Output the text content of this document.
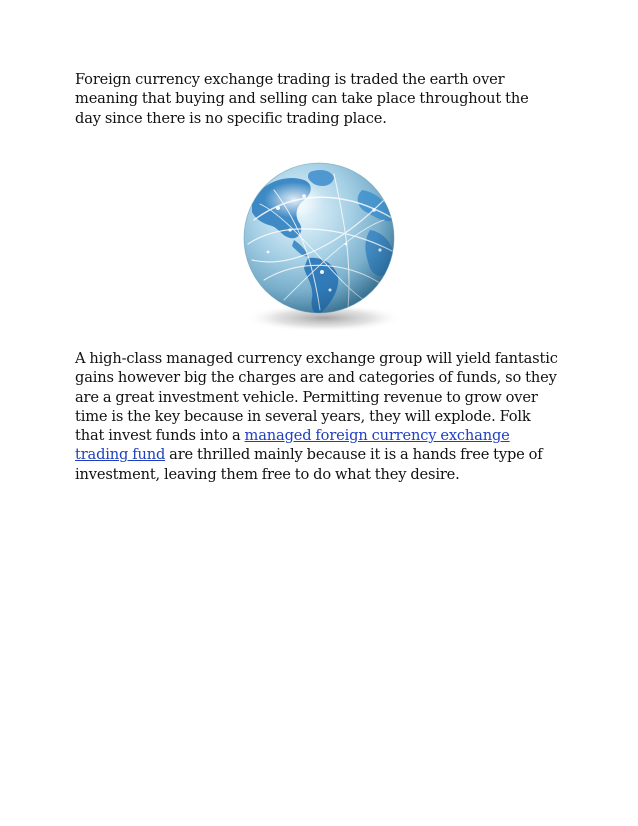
Foreign currency exchange trading is traded the earth over
meaning that buying and selling can take place throughout the
day since there is no specific trading place.

A high-class managed currency exchange group will yield fantastic
gains however big the charges are and categories of funds, so they
are a great investment vehicle. Permitting revenue to grow over
time is the key because in several years, they will explode. Folk
that invest funds into a managed foreign currency exchange
trading fund are thrilled mainly because it is a hands free type of
investment, leaving them free to do what they desire.
